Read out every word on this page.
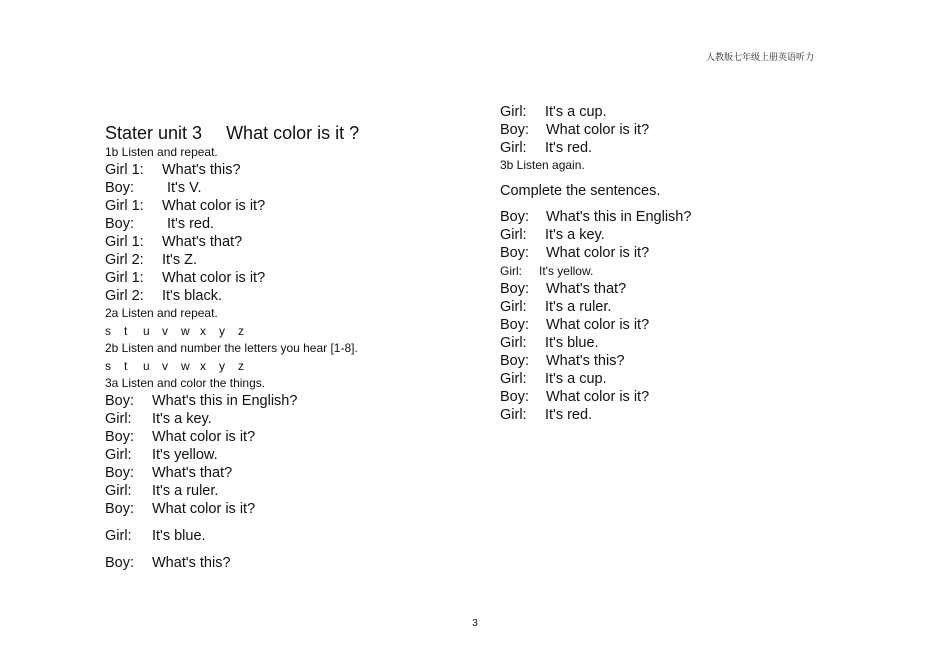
人教版七年级上册英语听力
Stater unit 3 What color is it ?
1b Listen and repeat.
Girl 1: What's this?
Boy: It's V.
Girl 1: What color is it?
Boy: It's red.
Girl 1: What's that?
Girl 2: It's Z.
Girl 1: What color is it?
Girl 2: It's black.
2a Listen and repeat.
s t u v w x y z
2b Listen and number the letters you hear [1-8].
s t u v w x y z
3a Listen and color the things.
Boy: What's this in English?
Girl: It's a key.
Boy: What color is it?
Girl: It's yellow.
Boy: What's that?
Girl: It's a ruler.
Boy: What color is it?
Girl: It's blue.
Boy: What's this?
Girl: It's a cup.
Boy: What color is it?
Girl: It's red.
3b Listen again.
Complete the sentences.
Boy: What's this in English?
Girl: It's a key.
Boy: What color is it?
Girl: It's yellow.
Boy: What's that?
Girl: It's a ruler.
Boy: What color is it?
Girl: It's blue.
Boy: What's this?
Girl: It's a cup.
Boy: What color is it?
Girl: It's red.
3
